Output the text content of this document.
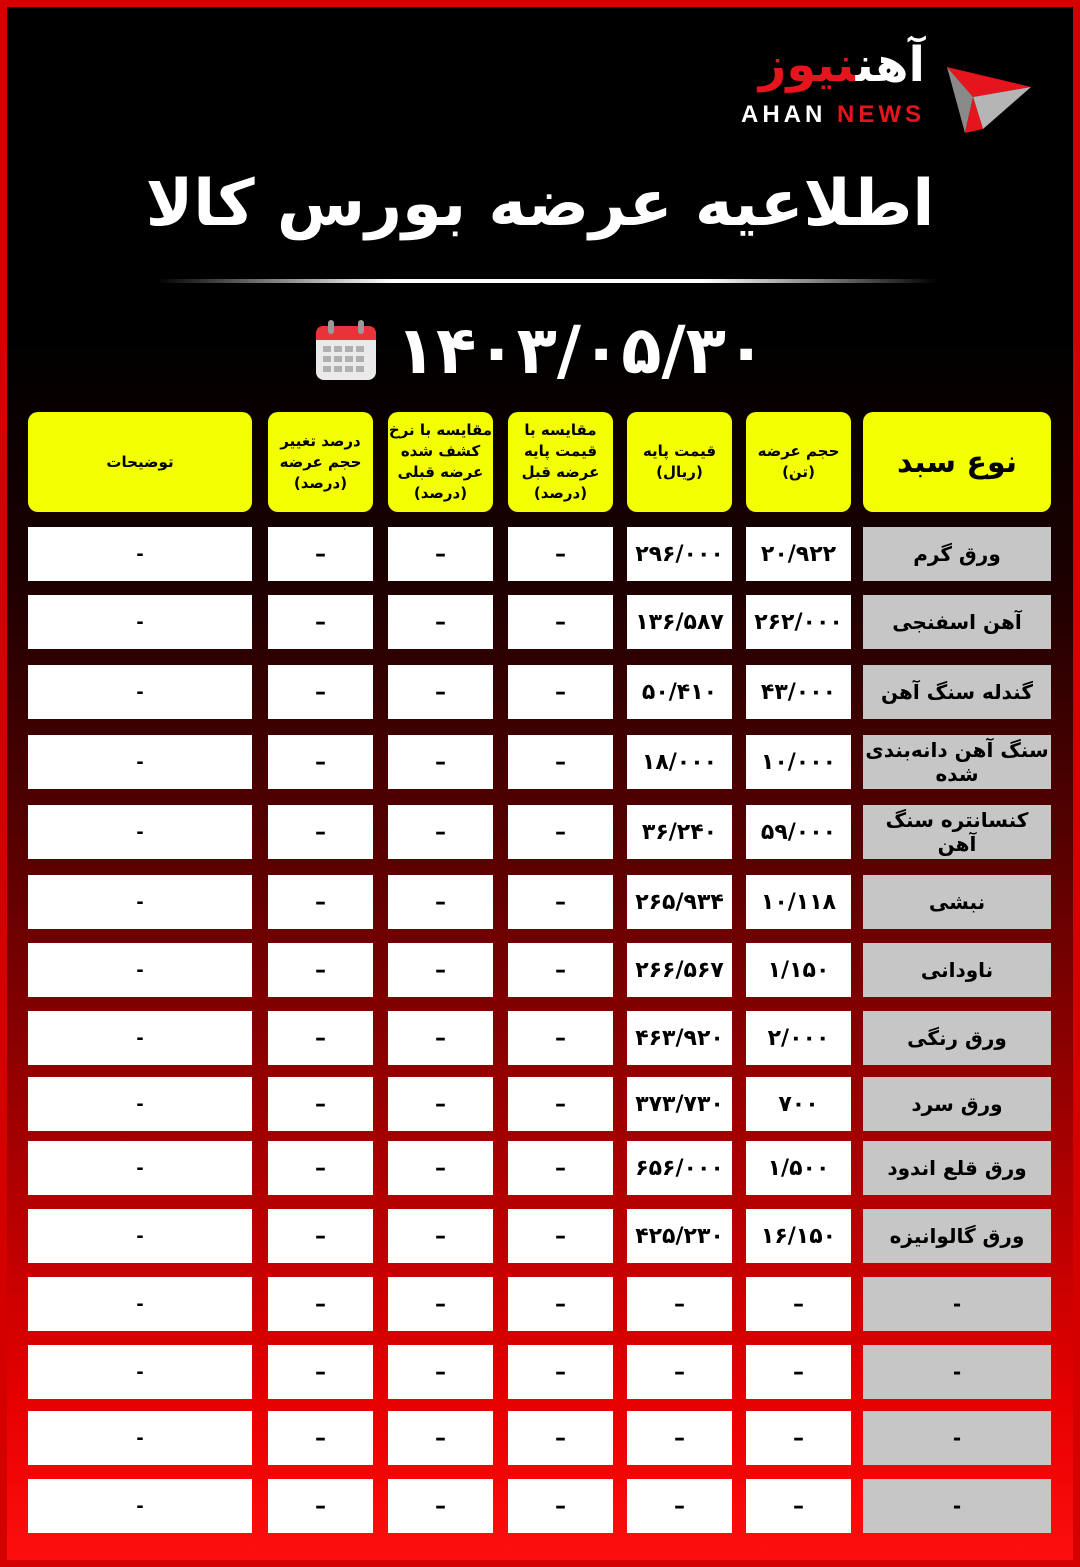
آهننیوز
AHAN NEWS
اطلاعیه عرضه بورس کالا
۱۴۰۳/۰۵/۳۰
نوع سبد
حجم عرضه (تن)
قیمت پایه (ریال)
مقایسه با قیمت پایه عرضه قبل (درصد)
مقایسه با نرخ کشف شده عرضه قبلی (درصد)
درصد تغییر حجم عرضه (درصد)
توضیحات
ورق گرم
۲۰/۹۲۲
۲۹۶/۰۰۰
–
–
–
-
آهن اسفنجی
۲۶۲/۰۰۰
۱۳۶/۵۸۷
–
–
–
-
گندله سنگ آهن
۴۳/۰۰۰
۵۰/۴۱۰
–
–
–
-
سنگ آهن دانه‌بندی شده
۱۰/۰۰۰
۱۸/۰۰۰
–
–
–
-
کنسانتره سنگ آهن
۵۹/۰۰۰
۳۶/۲۴۰
–
–
–
-
نبشی
۱۰/۱۱۸
۲۶۵/۹۳۴
–
–
–
-
ناودانی
۱/۱۵۰
۲۶۶/۵۶۷
–
–
–
-
ورق رنگی
۲/۰۰۰
۴۶۳/۹۲۰
–
–
–
-
ورق سرد
۷۰۰
۳۷۳/۷۳۰
–
–
–
-
ورق قلع اندود
۱/۵۰۰
۶۵۶/۰۰۰
–
–
–
-
ورق گالوانیزه
۱۶/۱۵۰
۴۲۵/۲۳۰
–
–
–
-
-
–
–
–
–
–
-
-
–
–
–
–
–
-
-
–
–
–
–
–
-
-
–
–
–
–
–
-
